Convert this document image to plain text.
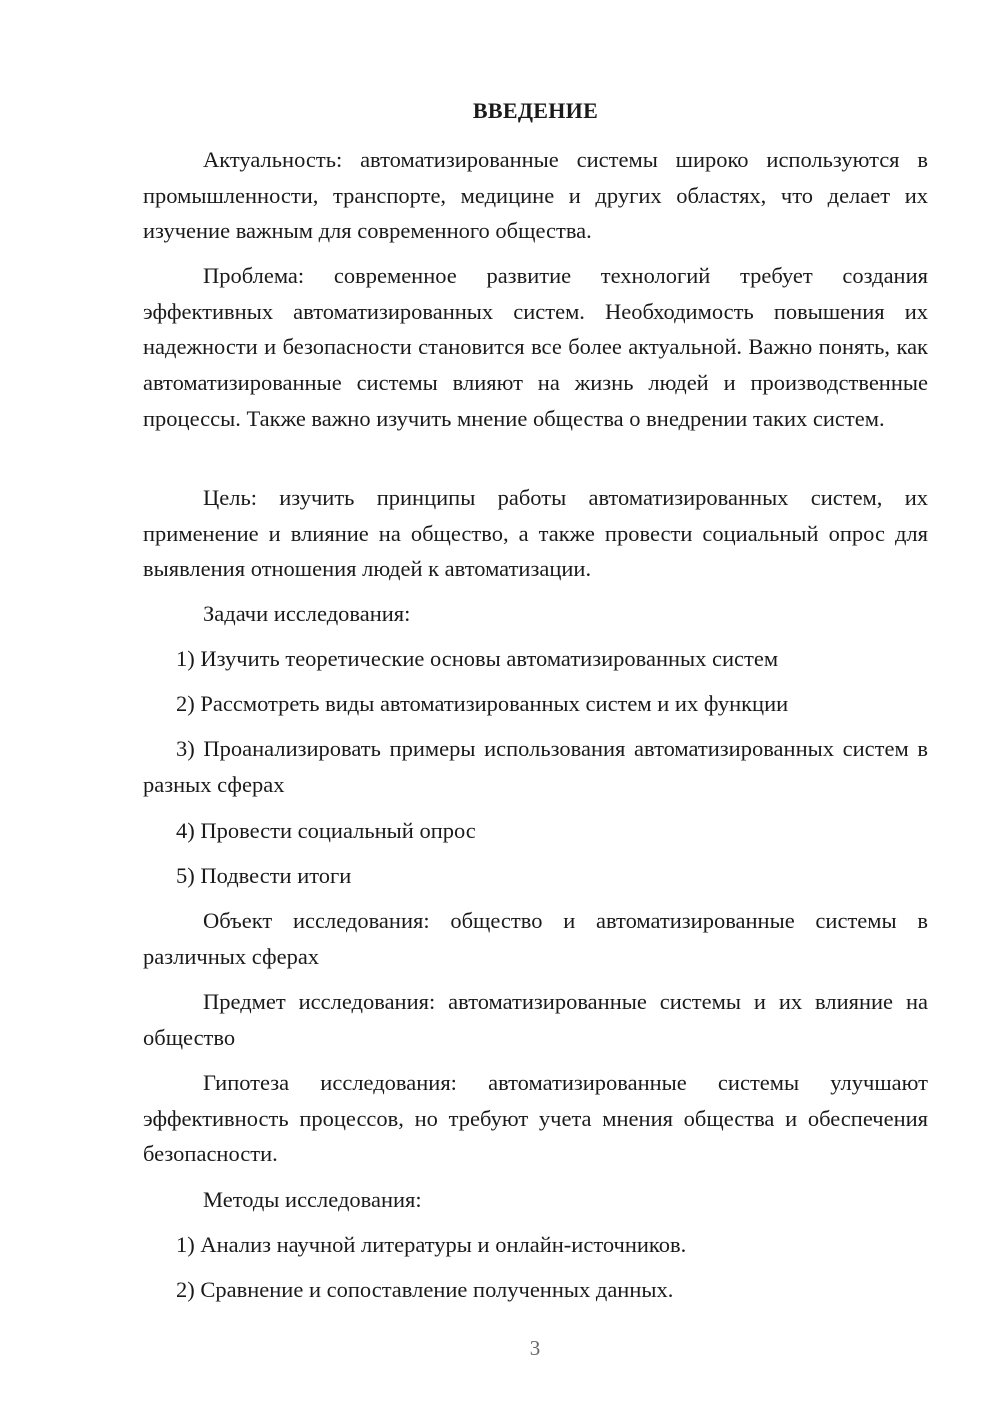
ВВЕДЕНИЕ

Актуальность: автоматизированные системы широко используются в промышленности, транспорте, медицине и других областях, что делает их изучение важным для современного общества.

Проблема: современное развитие технологий требует создания эффективных автоматизированных систем. Необходимость повышения их надежности и безопасности становится все более актуальной. Важно понять, как автоматизированные системы влияют на жизнь людей и производственные процессы. Также важно изучить мнение общества о внедрении таких систем.

Цель: изучить принципы работы автоматизированных систем, их применение и влияние на общество, а также провести социальный опрос для выявления отношения людей к автоматизации.

Задачи исследования:

1) Изучить теоретические основы автоматизированных систем

2) Рассмотреть виды автоматизированных систем и их функции

3) Проанализировать примеры использования автоматизированных систем в разных сферах

4) Провести социальный опрос

5) Подвести итоги

Объект исследования: общество и автоматизированные системы в различных сферах

Предмет исследования: автоматизированные системы и их влияние на общество

Гипотеза исследования: автоматизированные системы улучшают эффективность процессов, но требуют учета мнения общества и обеспечения безопасности.

Методы исследования:

1) Анализ научной литературы и онлайн-источников.

2) Сравнение и сопоставление полученных данных.

3
